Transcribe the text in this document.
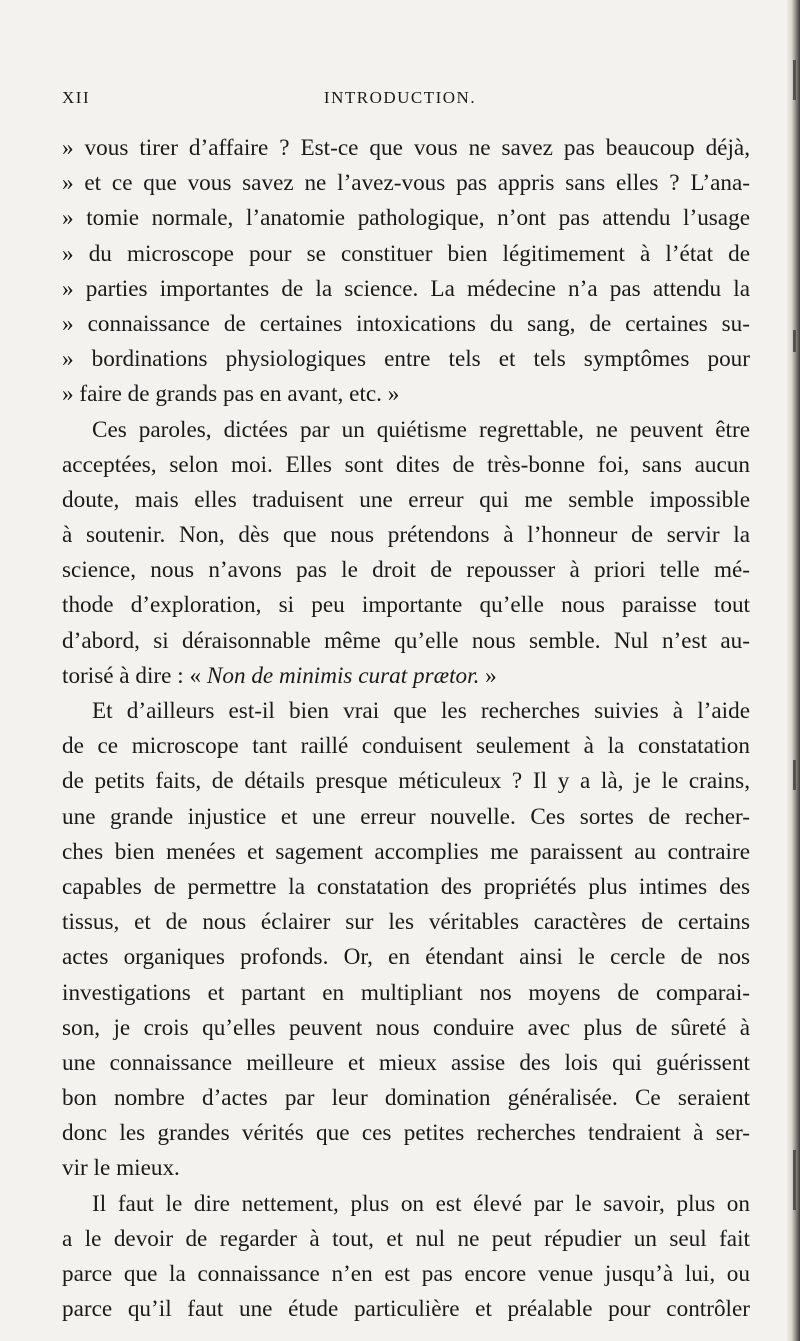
XII	INTRODUCTION.
» vous tirer d’affaire ? Est-ce que vous ne savez pas beaucoup déjà,
» et ce que vous savez ne l’avez-vous pas appris sans elles ? L’ana-
» tomie normale, l’anatomie pathologique, n’ont pas attendu l’usage
» du microscope pour se constituer bien légitimement à l’état de
» parties importantes de la science. La médecine n’a pas attendu la
» connaissance de certaines intoxications du sang, de certaines su-
» bordinations physiologiques entre tels et tels symptômes pour
» faire de grands pas en avant, etc. »
Ces paroles, dictées par un quiétisme regrettable, ne peuvent être
acceptées, selon moi. Elles sont dites de très-bonne foi, sans aucun
doute, mais elles traduisent une erreur qui me semble impossible
à soutenir. Non, dès que nous prétendons à l’honneur de servir la
science, nous n’avons pas le droit de repousser à priori telle mé-
thode d’exploration, si peu importante qu’elle nous paraisse tout
d’abord, si déraisonnable même qu’elle nous semble. Nul n’est au-
torisé à dire : « Non de minimis curat prætor. »
Et d’ailleurs est-il bien vrai que les recherches suivies à l’aide
de ce microscope tant raillé conduisent seulement à la constatation
de petits faits, de détails presque méticuleux ? Il y a là, je le crains,
une grande injustice et une erreur nouvelle. Ces sortes de recher-
ches bien menées et sagement accomplies me paraissent au contraire
capables de permettre la constatation des propriétés plus intimes des
tissus, et de nous éclairer sur les véritables caractères de certains
actes organiques profonds. Or, en étendant ainsi le cercle de nos
investigations et partant en multipliant nos moyens de comparai-
son, je crois qu’elles peuvent nous conduire avec plus de sûreté à
une connaissance meilleure et mieux assise des lois qui guérissent
bon nombre d’actes par leur domination généralisée. Ce seraient
donc les grandes vérités que ces petites recherches tendraient à ser-
vir le mieux.
Il faut le dire nettement, plus on est élevé par le savoir, plus on
a le devoir de regarder à tout, et nul ne peut répudier un seul fait
parce que la connaissance n’en est pas encore venue jusqu’à lui, ou
parce qu’il faut une étude particulière et préalable pour contrôler
